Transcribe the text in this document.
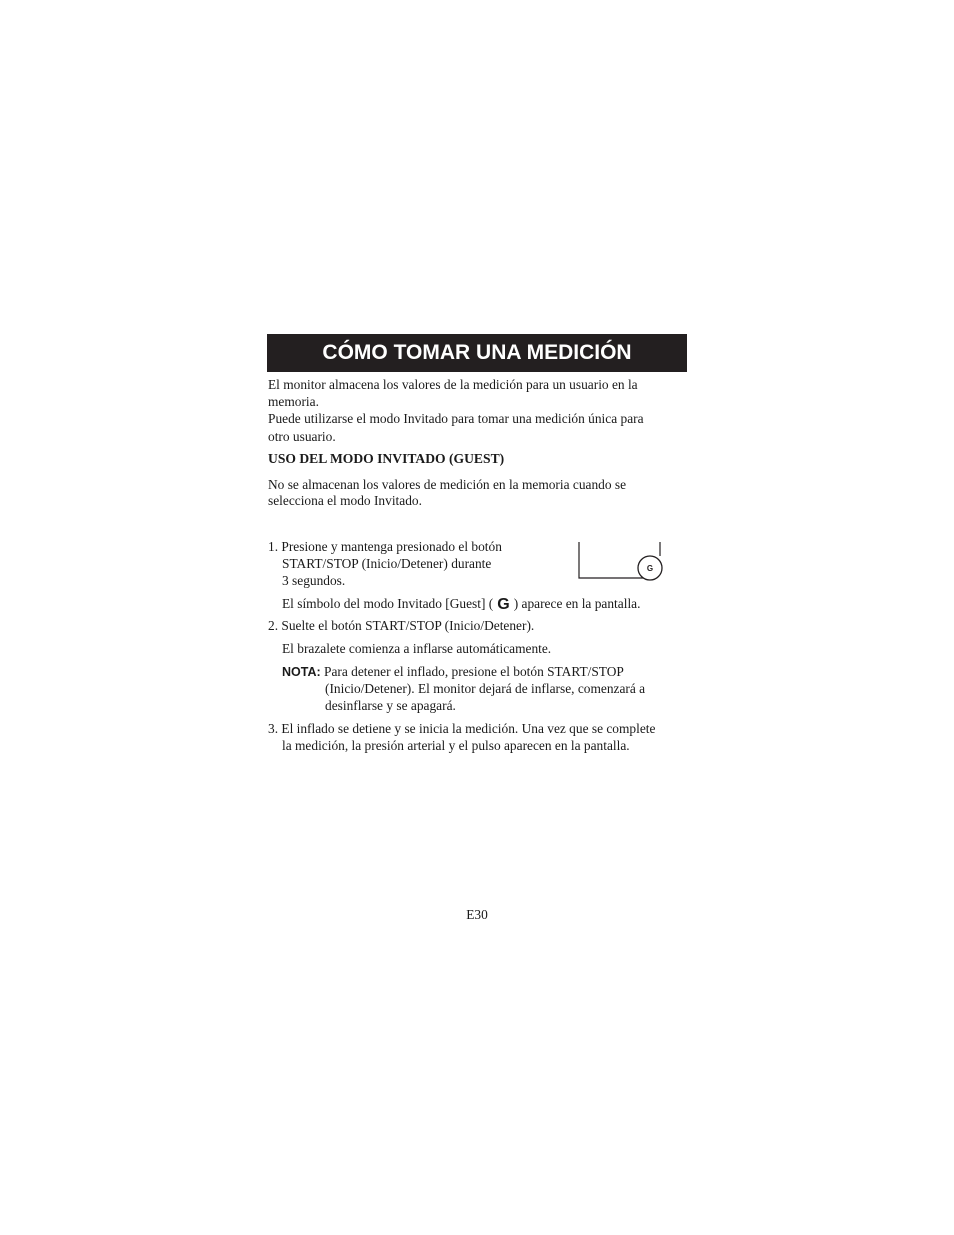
CÓMO TOMAR UNA MEDICIÓN

El monitor almacena los valores de la medición para un usuario en la

memoria.

Puede utilizarse el modo Invitado para tomar una medición única para

otro usuario.

USO DEL MODO INVITADO (GUEST)

No se almacenan los valores de medición en la memoria cuando se

selecciona el modo Invitado.

1. Presione y mantenga presionado el botón

START/STOP (Inicio/Detener) durante

3 segundos.

G

El símbolo del modo Invitado [Guest] ( G ) aparece en la pantalla.

2. Suelte el botón START/STOP (Inicio/Detener).

El brazalete comienza a inflarse automáticamente.

NOTA: Para detener el inflado, presione el botón START/STOP

(Inicio/Detener). El monitor dejará de inflarse, comenzará a

desinflarse y se apagará.

3. El inflado se detiene y se inicia la medición. Una vez que se complete

la medición, la presión arterial y el pulso aparecen en la pantalla.

E30
